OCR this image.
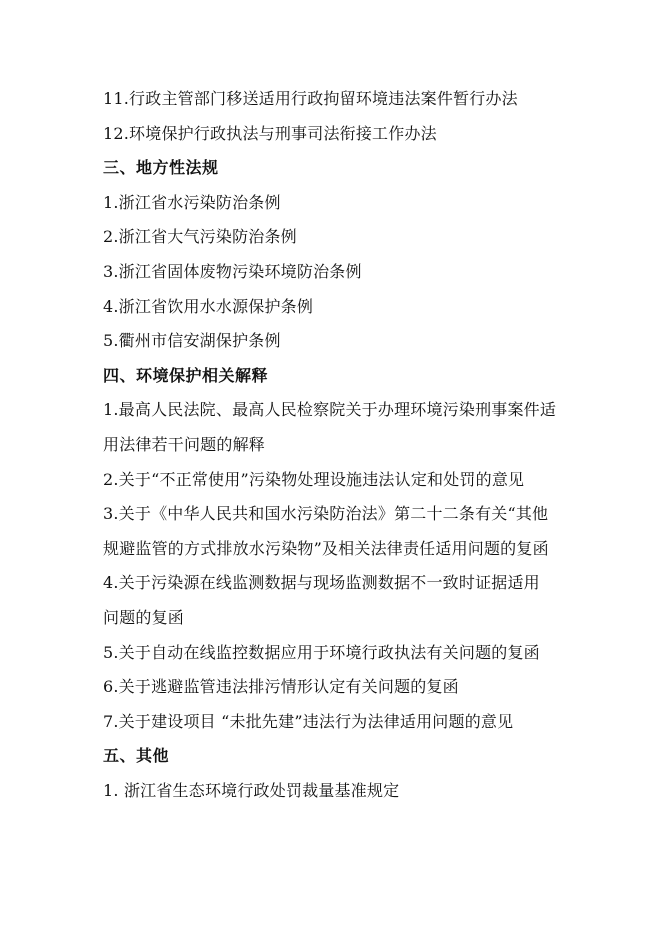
11.行政主管部门移送适用行政拘留环境违法案件暂行办法
12.环境保护行政执法与刑事司法衔接工作办法
三、地方性法规
1.浙江省水污染防治条例
2.浙江省大气污染防治条例
3.浙江省固体废物污染环境防治条例
4.浙江省饮用水水源保护条例
5.衢州市信安湖保护条例
四、环境保护相关解释
1.最高人民法院、最高人民检察院关于办理环境污染刑事案件适
用法律若干问题的解释
2.关于“不正常使用”污染物处理设施违法认定和处罚的意见
3.关于《中华人民共和国水污染防治法》第二十二条有关“其他
规避监管的方式排放水污染物”及相关法律责任适用问题的复函
4.关于污染源在线监测数据与现场监测数据不一致时证据适用
问题的复函
5.关于自动在线监控数据应用于环境行政执法有关问题的复函
6.关于逃避监管违法排污情形认定有关问题的复函
7.关于建设项目 “未批先建”违法行为法律适用问题的意见
五、其他
1. 浙江省生态环境行政处罚裁量基准规定
